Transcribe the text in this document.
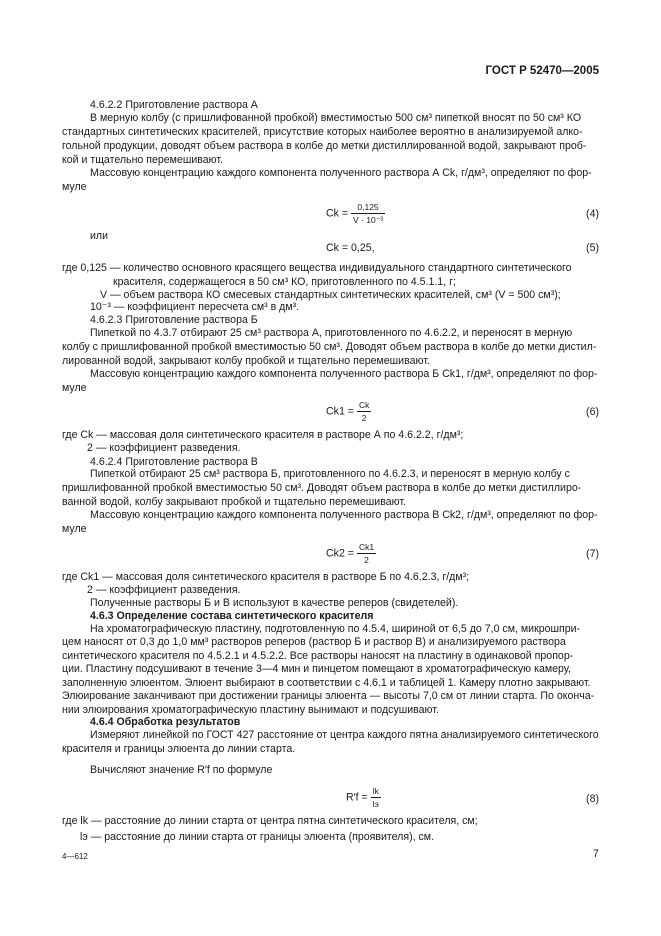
ГОСТ Р 52470—2005
4.6.2.2 Приготовление раствора А
В мерную колбу (с пришлифованной пробкой) вместимостью 500 см³ пипеткой вносят по 50 см³ КО
стандартных синтетических красителей, присутствие которых наиболее вероятно в анализируемой алко-
гольной продукции, доводят объем раствора в колбе до метки дистиллированной водой, закрывают проб-
кой и тщательно перемешивают.
Массовую концентрацию каждого компонента полученного раствора А Ck, г/дм³, определяют по фор-
муле
$Ck = \frac{0,125}{\text{V · 10⁻³}}$	(4)
или
Ck = 0,25,	(5)
где 0,125 — количество основного красящего вещества индивидуального стандартного синтетического
красителя, содержащегося в 50 см³ КО, приготовленного по 4.5.1.1, г;
V — объем раствора КО смесевых стандартных синтетических красителей, см³ (V = 500 см³);
10⁻³ — коэффициент пересчета см³ в дм³.
4.6.2.3 Приготовление раствора Б
Пипеткой по 4.3.7 отбирают 25 см³ раствора А, приготовленного по 4.6.2.2, и переносят в мерную
колбу с пришлифованной пробкой вместимостью 50 см³. Доводят объем раствора в колбе до метки дистил-
лированной водой, закрывают колбу пробкой и тщательно перемешивают.
Массовую концентрацию каждого компонента полученного раствора Б Ck1, г/дм³, определяют по фор-
муле
$Ck1 = \frac{Ck}{2}$	(6)
где Ck — массовая доля синтетического красителя в растворе А по 4.6.2.2, г/дм³;
2 — коэффициент разведения.
4.6.2.4 Приготовление раствора В
Пипеткой отбирают 25 см³ раствора Б, приготовленного по 4.6.2.3, и переносят в мерную колбу с
пришлифованной пробкой вместимостью 50 см³. Доводят объем раствора в колбе до метки дистиллиро-
ванной водой, колбу закрывают пробкой и тщательно перемешивают.
Массовую концентрацию каждого компонента полученного раствора В Ck2, г/дм³, определяют по фор-
муле
$Ck2 = \frac{Ck1}{2}$	(7)
где Ck1 — массовая доля синтетического красителя в растворе Б по 4.6.2.3, г/дм³;
2 — коэффициент разведения.
Полученные растворы Б и В используют в качестве реперов (свидетелей).
4.6.3 Определение состава синтетического красителя
На хроматографическую пластину, подготовленную по 4.5.4, шириной от 6,5 до 7,0 см, микрошпри-
цем наносят от 0,3 до 1,0 мм³ растворов реперов (раствор Б и раствор В) и анализируемого раствора
синтетического красителя по 4.5.2.1 и 4.5.2.2. Все растворы наносят на пластину в одинаковой пропор-
ции. Пластину подсушивают в течение 3—4 мин и пинцетом помещают в хроматографическую камеру,
заполненную элюентом. Элюент выбирают в соответствии с 4.6.1 и таблицей 1. Камеру плотно закрывают.
Элюирование заканчивают при достижении границы элюента — высоты 7,0 см от линии старта. По оконча-
нии элюирования хроматографическую пластину вынимают и подсушивают.
4.6.4 Обработка результатов
Измеряют линейкой по ГОСТ 427 расстояние от центра каждого пятна анализируемого синтетического
красителя и границы элюента до линии старта.
Вычисляют значение R′f по формуле
$R'f = \frac{lk}{lэ}$	(8)
где lk — расстояние до линии старта от центра пятна синтетического красителя, см;
lэ — расстояние до линии старта от границы элюента (проявителя), см.
4—612	7
